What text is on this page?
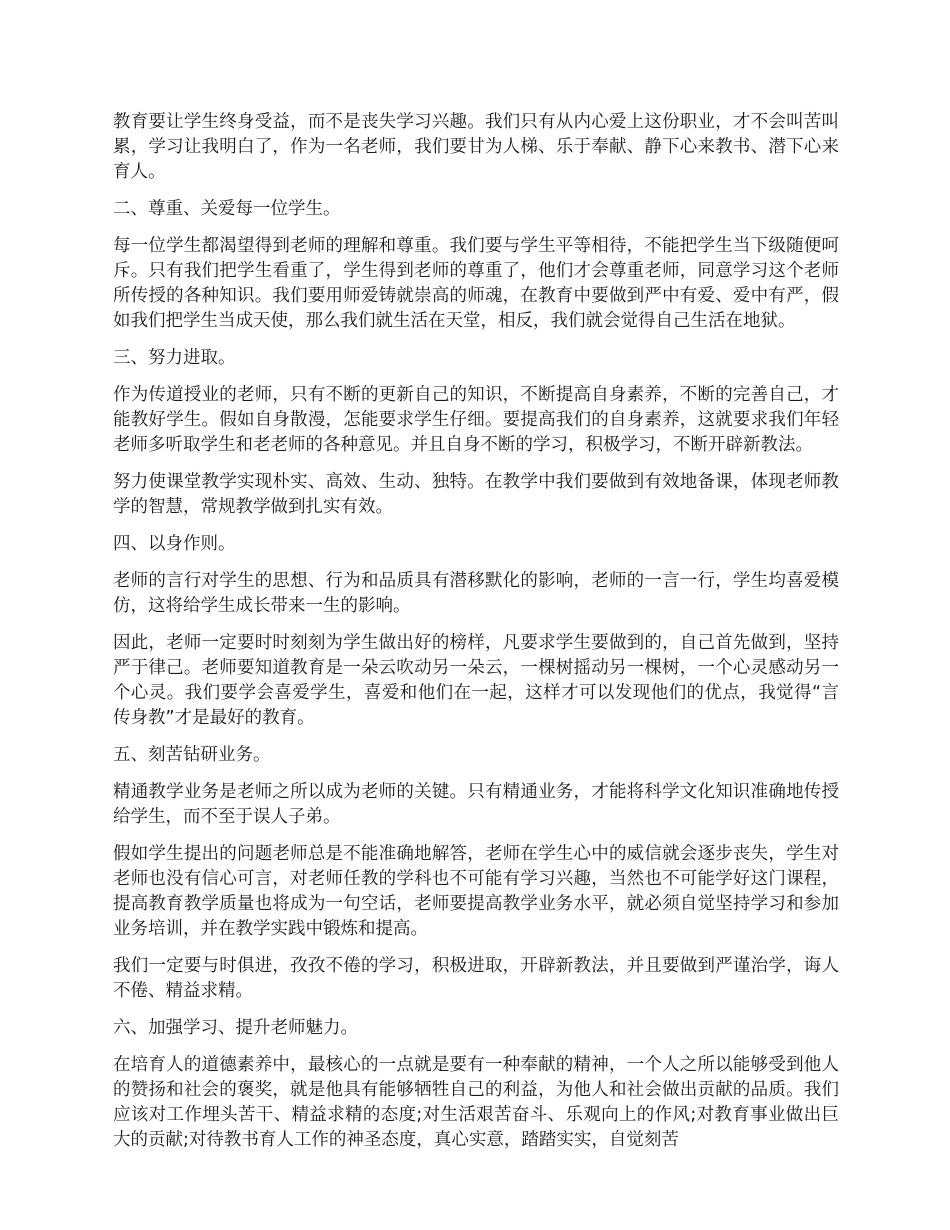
教育要让学生终身受益，而不是丧失学习兴趣。我们只有从内心爱上这份职业，才不会叫苦叫累，学习让我明白了，作为一名老师，我们要甘为人梯、乐于奉献、静下心来教书、潜下心来育人。

二、尊重、关爱每一位学生。

每一位学生都渴望得到老师的理解和尊重。我们要与学生平等相待，不能把学生当下级随便呵斥。只有我们把学生看重了，学生得到老师的尊重了，他们才会尊重老师，同意学习这个老师所传授的各种知识。我们要用师爱铸就崇高的师魂，在教育中要做到严中有爱、爱中有严，假如我们把学生当成天使，那么我们就生活在天堂，相反，我们就会觉得自己生活在地狱。

三、努力进取。

作为传道授业的老师，只有不断的更新自己的知识，不断提高自身素养，不断的完善自己，才能教好学生。假如自身散漫，怎能要求学生仔细。要提高我们的自身素养，这就要求我们年轻老师多听取学生和老老师的各种意见。并且自身不断的学习，积极学习，不断开辟新教法。

努力使课堂教学实现朴实、高效、生动、独特。在教学中我们要做到有效地备课，体现老师教学的智慧，常规教学做到扎实有效。

四、以身作则。

老师的言行对学生的思想、行为和品质具有潜移默化的影响，老师的一言一行，学生均喜爱模仿，这将给学生成长带来一生的影响。

因此，老师一定要时时刻刻为学生做出好的榜样，凡要求学生要做到的，自己首先做到，坚持严于律己。老师要知道教育是一朵云吹动另一朵云，一棵树摇动另一棵树，一个心灵感动另一个心灵。我们要学会喜爱学生，喜爱和他们在一起，这样才可以发现他们的优点，我觉得“言传身教”才是最好的教育。

五、刻苦钻研业务。

精通教学业务是老师之所以成为老师的关键。只有精通业务，才能将科学文化知识准确地传授给学生，而不至于误人子弟。

假如学生提出的问题老师总是不能准确地解答，老师在学生心中的威信就会逐步丧失，学生对老师也没有信心可言，对老师任教的学科也不可能有学习兴趣，当然也不可能学好这门课程，提高教育教学质量也将成为一句空话，老师要提高教学业务水平，就必须自觉坚持学习和参加业务培训，并在教学实践中锻炼和提高。

我们一定要与时俱进，孜孜不倦的学习，积极进取，开辟新教法，并且要做到严谨治学，诲人不倦、精益求精。

六、加强学习、提升老师魅力。

在培育人的道德素养中，最核心的一点就是要有一种奉献的精神，一个人之所以能够受到他人的赞扬和社会的褒奖，就是他具有能够牺牲自己的利益，为他人和社会做出贡献的品质。我们应该对工作埋头苦干、精益求精的态度;对生活艰苦奋斗、乐观向上的作风;对教育事业做出巨大的贡献;对待教书育人工作的神圣态度，真心实意，踏踏实实，自觉刻苦
